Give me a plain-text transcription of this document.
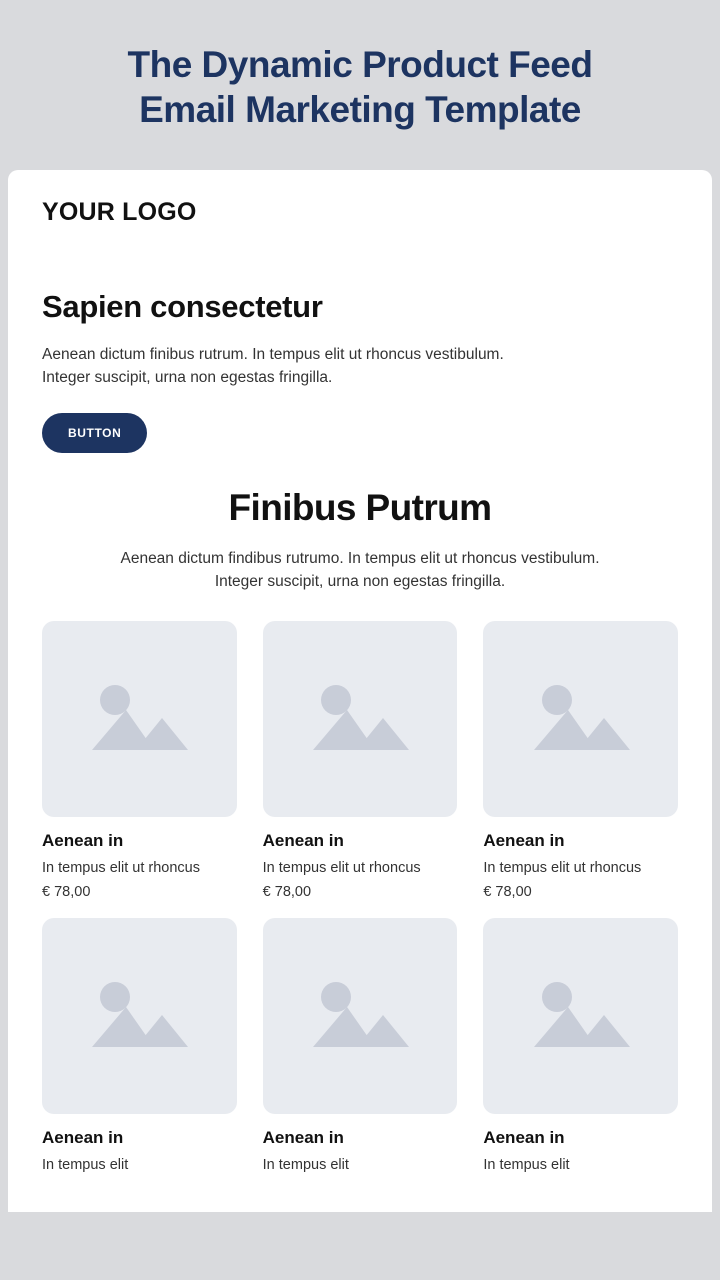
The Dynamic Product Feed
Email Marketing Template
YOUR LOGO
Sapien consectetur

Aenean dictum finibus rutrum. In tempus elit ut rhoncus vestibulum. Integer suscipit, urna non egestas fringilla.

BUTTON
Finibus Putrum
Aenean dictum findibus rutrumo. In tempus elit ut rhoncus vestibulum. Integer suscipit, urna non egestas fringilla.
Aenean in
In tempus elit ut rhoncus
€ 78,00
Aenean in
In tempus elit ut rhoncus
€ 78,00
Aenean in
In tempus elit ut rhoncus
€ 78,00
Aenean in
In tempus elit
Aenean in
In tempus elit
Aenean in
In tempus elit
